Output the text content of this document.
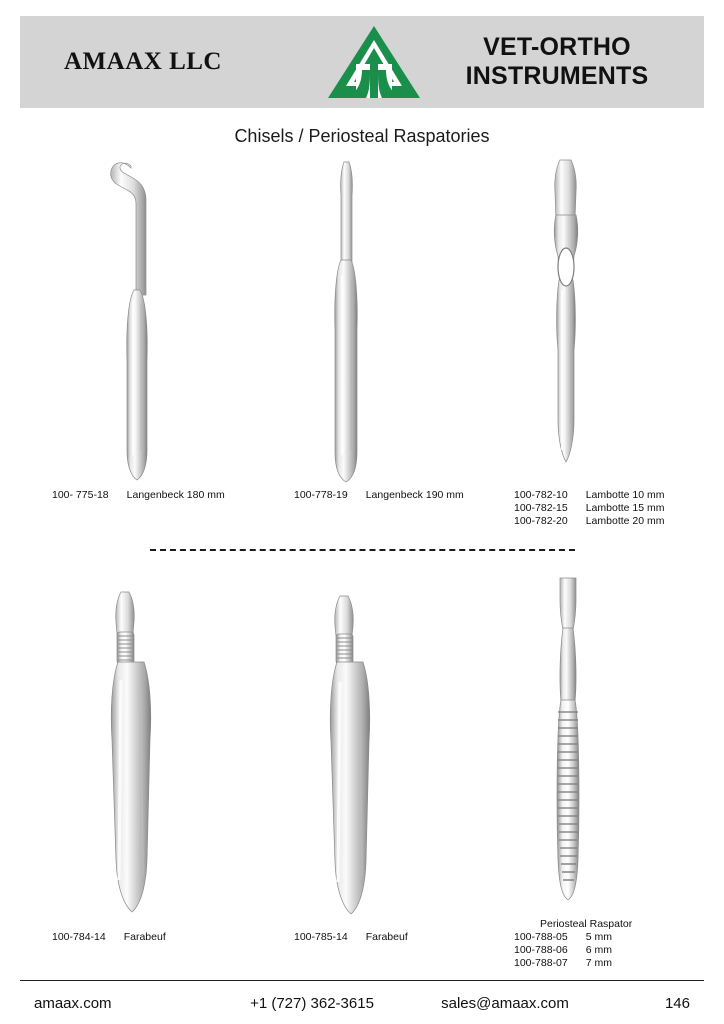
AMAAX LLC
VET-ORTHO INSTRUMENTS
Chisels / Periosteal Raspatories
100- 775-18 Langenbeck 180 mm	100-778-19 Langenbeck 190 mm	100-782-10 Lambotte 10 mm
100-782-15 Lambotte 15 mm
100-782-20 Lambotte 20 mm
100-784-14 Farabeuf	100-785-14 Farabeuf
Periosteal Raspator
100-788-05 5 mm
100-788-06 6 mm
100-788-07 7 mm
amaax.com	+1 (727) 362-3615	sales@amaax.com	146
